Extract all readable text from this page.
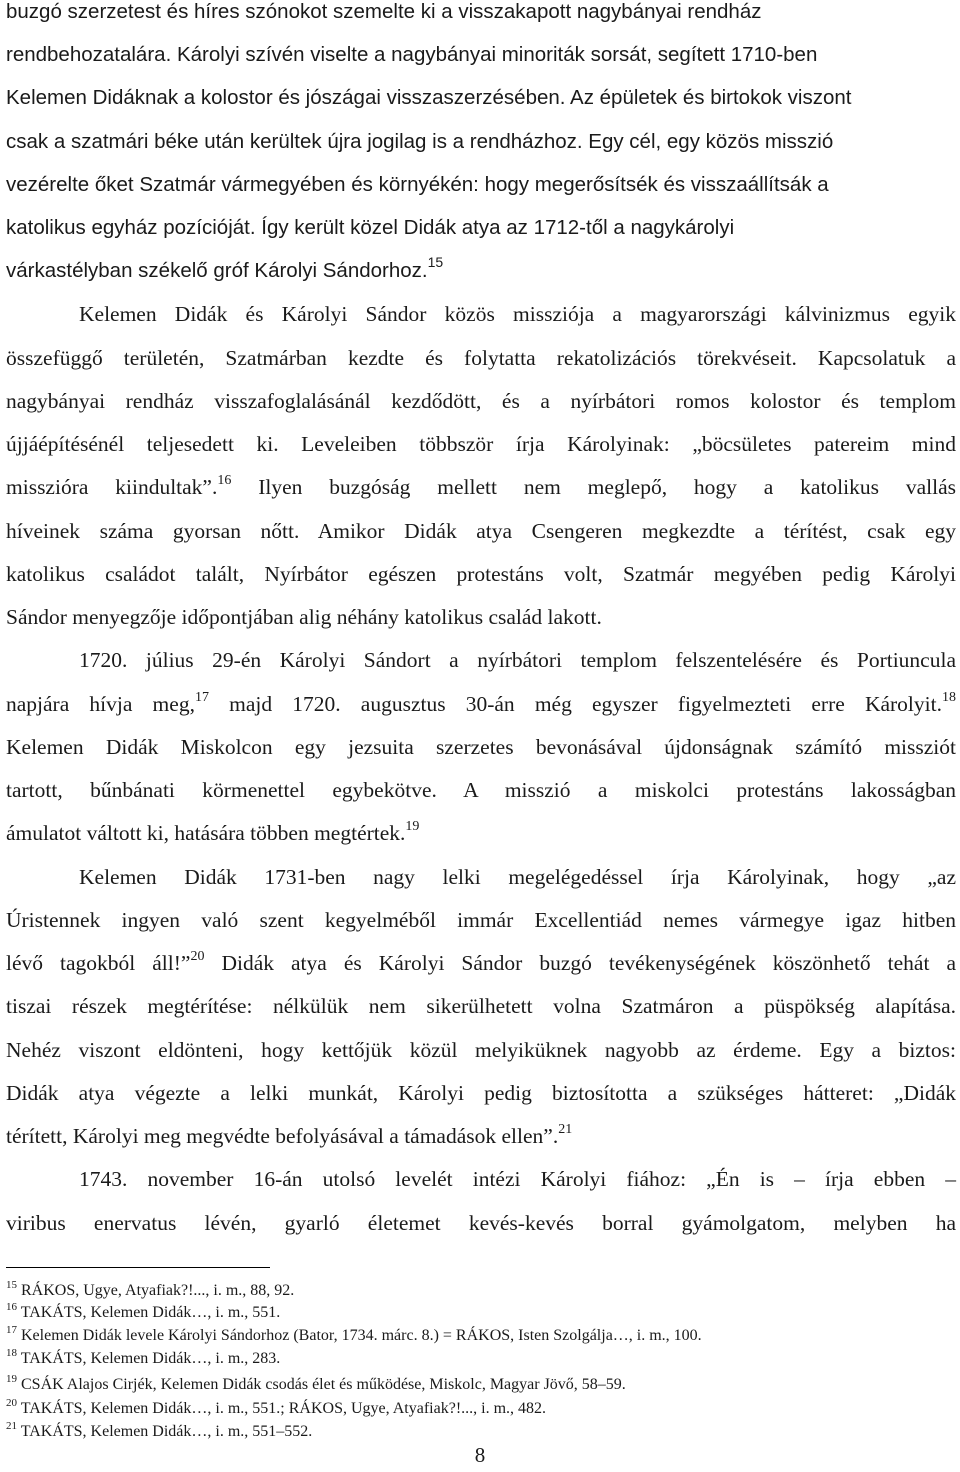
buzgó szerzetest és híres szónokot szemelte ki a visszakapott nagybányai rendház
rendbehozatalára. Károlyi szívén viselte a nagybányai minoriták sorsát, segített 1710-ben
Kelemen Didáknak a kolostor és jószágai visszaszerzésében. Az épületek és birtokok viszont
csak a szatmári béke után kerültek újra jogilag is a rendházhoz. Egy cél, egy közös misszió
vezérelte őket Szatmár vármegyében és környékén: hogy megerősítsék és visszaállítsák a
katolikus egyház pozícióját. Így került közel Didák atya az 1712-től a nagykárolyi
várkastélyban székelő gróf Károlyi Sándorhoz.$^{15}$
Kelemen Didák és Károlyi Sándor közös missziója a magyarországi kálvinizmus egyik
összefüggő területén, Szatmárban kezdte és folytatta rekatolizációs törekvéseit. Kapcsolatuk a
nagybányai rendház visszafoglalásánál kezdődött, és a nyírbátori romos kolostor és templom
újjáépítésénél teljesedett ki. Leveleiben többször írja Károlyinak: „böcsületes patereim mind
misszióra kiindultak”.$^{16}$ Ilyen buzgóság mellett nem meglepő, hogy a katolikus vallás
híveinek száma gyorsan nőtt. Amikor Didák atya Csengeren megkezdte a térítést, csak egy
katolikus családot talált, Nyírbátor egészen protestáns volt, Szatmár megyében pedig Károlyi
Sándor menyegzője időpontjában alig néhány katolikus család lakott.
1720. július 29-én Károlyi Sándort a nyírbátori templom felszentelésére és Portiuncula
napjára hívja meg,$^{17}$ majd 1720. augusztus 30-án még egyszer figyelmezteti erre Károlyit.$^{18}$
Kelemen Didák Miskolcon egy jezsuita szerzetes bevonásával újdonságnak számító missziót
tartott, bűnbánati körmenettel egybekötve. A misszió a miskolci protestáns lakosságban
ámulatot váltott ki, hatására többen megtértek.$^{19}$
Kelemen Didák 1731-ben nagy lelki megelégedéssel írja Károlyinak, hogy „az
Úristennek ingyen való szent kegyelméből immár Excellentiád nemes vármegye igaz hitben
lévő tagokból áll!”$^{20}$ Didák atya és Károlyi Sándor buzgó tevékenységének köszönhető tehát a
tiszai részek megtérítése: nélkülük nem sikerülhetett volna Szatmáron a püspökség alapítása.
Nehéz viszont eldönteni, hogy kettőjük közül melyiküknek nagyobb az érdeme. Egy a biztos:
Didák atya végezte a lelki munkát, Károlyi pedig biztosította a szükséges hátteret: „Didák
térített, Károlyi meg megvédte befolyásával a támadások ellen”.$^{21}$
1743. november 16-án utolsó levelét intézi Károlyi fiához: „Én is – írja ebben –
viribus enervatus lévén, gyarló életemet kevés-kevés borral gyámolgatom, melyben ha
$^{15}$ RÁKOS, Ugye, Atyafiak?!..., i. m., 88, 92.
$^{16}$ TAKÁTS, Kelemen Didák…, i. m., 551.
$^{17}$ Kelemen Didák levele Károlyi Sándorhoz (Bator, 1734. márc. 8.) = RÁKOS, Isten Szolgálja…, i. m., 100.
$^{18}$ TAKÁTS, Kelemen Didák…, i. m., 283.
$^{19}$ CSÁK Alajos Cirjék, Kelemen Didák csodás élet és működése, Miskolc, Magyar Jövő, 58–59.
$^{20}$ TAKÁTS, Kelemen Didák…, i. m., 551.; RÁKOS, Ugye, Atyafiak?!..., i. m., 482.
$^{21}$ TAKÁTS, Kelemen Didák…, i. m., 551–552.
8
